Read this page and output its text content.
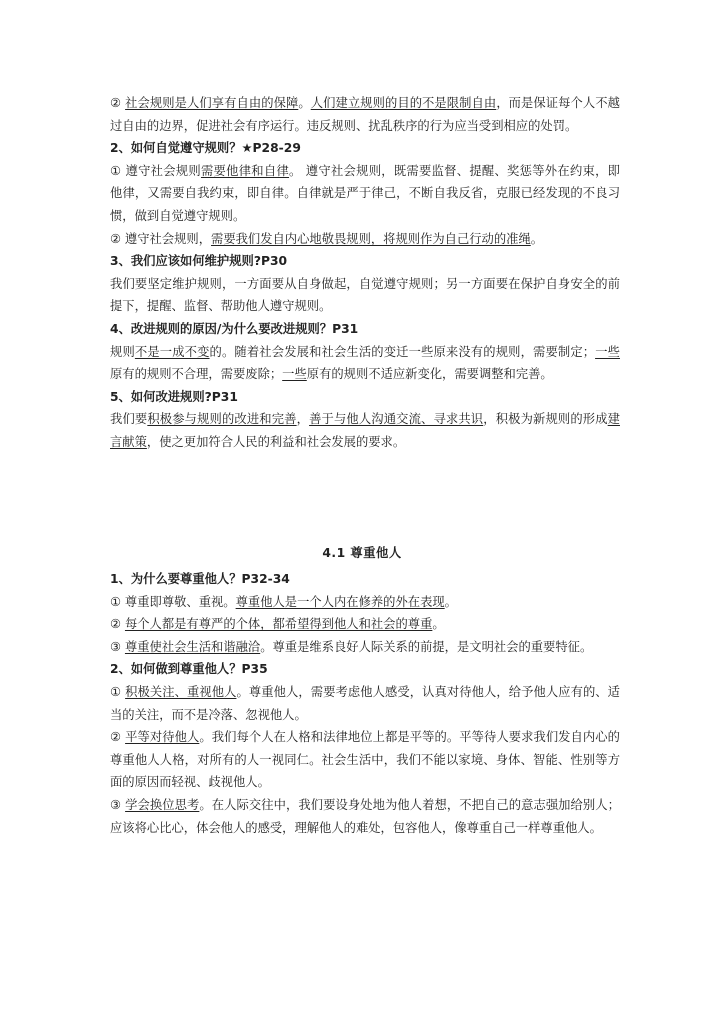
② 社会规则是人们享有自由的保障。人们建立规则的目的不是限制自由，而是保证每个人不越过自由的边界，促进社会有序运行。违反规则、扰乱秩序的行为应当受到相应的处罚。

2、如何自觉遵守规则？★P28-29

① 遵守社会规则需要他律和自律。 遵守社会规则，既需要监督、提醒、奖惩等外在约束，即他律，又需要自我约束，即自律。自律就是严于律己，不断自我反省，克服已经发现的不良习惯，做到自觉遵守规则。

② 遵守社会规则，需要我们发自内心地敬畏规则，将规则作为自己行动的准绳。

3、我们应该如何维护规则?P30

我们要坚定维护规则，一方面要从自身做起，自觉遵守规则；另一方面要在保护自身安全的前提下，提醒、监督、帮助他人遵守规则。

4、改进规则的原因/为什么要改进规则？P31

规则不是一成不变的。随着社会发展和社会生活的变迁一些原来没有的规则，需要制定；一些原有的规则不合理，需要废除；一些原有的规则不适应新变化，需要调整和完善。

5、如何改进规则?P31

我们要积极参与规则的改进和完善，善于与他人沟通交流、寻求共识，积极为新规则的形成建言献策，使之更加符合人民的利益和社会发展的要求。

4.1 尊重他人

1、为什么要尊重他人？P32-34

① 尊重即尊敬、重视。尊重他人是一个人内在修养的外在表现。

② 每个人都是有尊严的个体，都希望得到他人和社会的尊重。

③ 尊重使社会生活和谐融洽。尊重是维系良好人际关系的前提，是文明社会的重要特征。

2、如何做到尊重他人？P35

① 积极关注、重视他人。尊重他人，需要考虑他人感受，认真对待他人，给予他人应有的、适当的关注，而不是冷落、忽视他人。

② 平等对待他人。我们每个人在人格和法律地位上都是平等的。平等待人要求我们发自内心的尊重他人人格，对所有的人一视同仁。社会生活中，我们不能以家境、身体、智能、性别等方面的原因而轻视、歧视他人。

③ 学会换位思考。在人际交往中，我们要设身处地为他人着想，不把自己的意志强加给别人；应该将心比心，体会他人的感受，理解他人的难处，包容他人，像尊重自己一样尊重他人。
